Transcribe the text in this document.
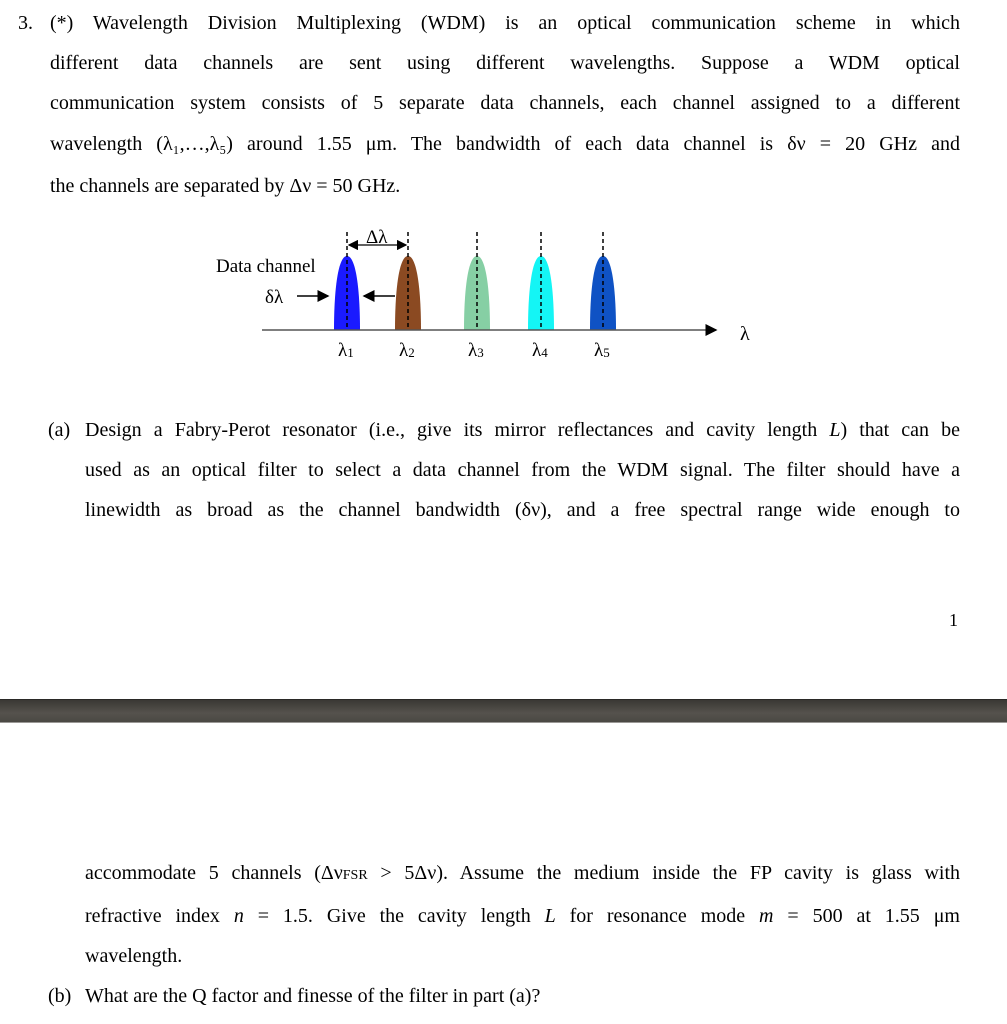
3. (*) Wavelength Division Multiplexing (WDM) is an optical communication scheme in which
different data channels are sent using different wavelengths. Suppose a WDM optical
communication system consists of 5 separate data channels, each channel assigned to a different
wavelength (λ₁,…,λ₅) around 1.55 μm. The bandwidth of each data channel is δν = 20 GHz and
the channels are separated by Δν = 50 GHz.
λ
Data channel
δλ
Δλ
λ1 λ2	λ3	λ4 λ5
(a) Design a Fabry-Perot resonator (i.e., give its mirror reflectances and cavity length L) that can be
used as an optical filter to select a data channel from the WDM signal. The filter should have a
linewidth as broad as the channel bandwidth (δν), and a free spectral range wide enough to
1
accommodate 5 channels (ΔνFSR > 5Δν). Assume the medium inside the FP cavity is glass with
refractive index n = 1.5. Give the cavity length L for resonance mode m = 500 at 1.55 μm
wavelength.
(b) What are the Q factor and finesse of the filter in part (a)?
